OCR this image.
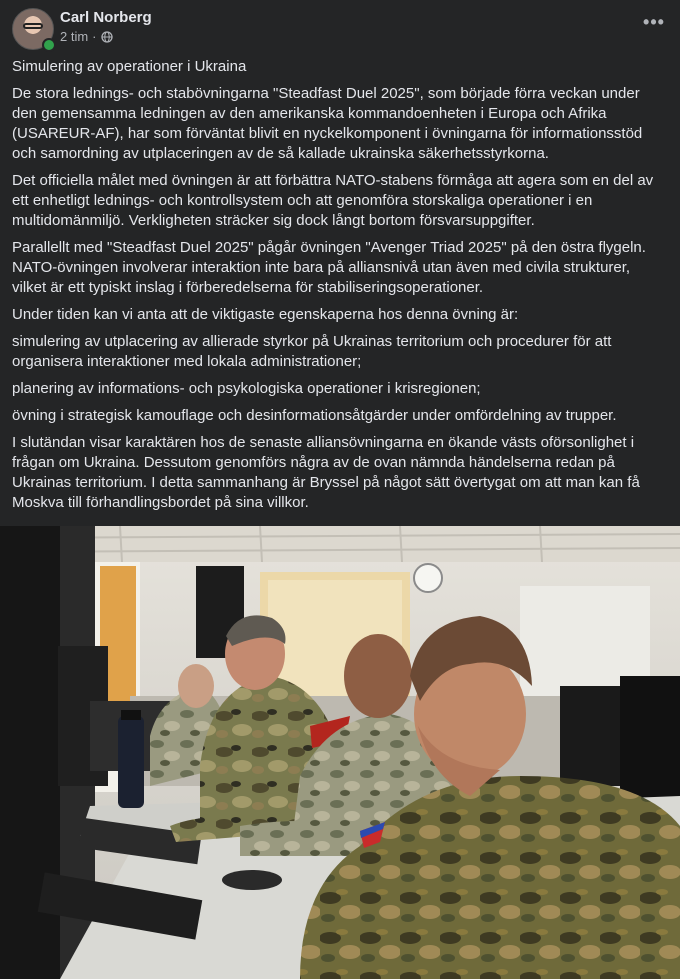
Carl Norberg
2 tim ·
•••

Simulering av operationer i Ukraina

De stora lednings- och stabövningarna "Steadfast Duel 2025", som började förra veckan under den gemensamma ledningen av den amerikanska kommandoenheten i Europa och Afrika (USAREUR-AF), har som förväntat blivit en nyckelkomponent i övningarna för informationsstöd och samordning av utplaceringen av de så kallade ukrainska säkerhetsstyrkorna.

Det officiella målet med övningen är att förbättra NATO-stabens förmåga att agera som en del av ett enhetligt lednings- och kontrollsystem och att genomföra storskaliga operationer i en multidomänmiljö. Verkligheten sträcker sig dock långt bortom försvarsuppgifter.

Parallellt med "Steadfast Duel 2025" pågår övningen "Avenger Triad 2025" på den östra flygeln. NATO-övningen involverar interaktion inte bara på alliansnivå utan även med civila strukturer, vilket är ett typiskt inslag i förberedelserna för stabiliseringsoperationer.

Under tiden kan vi anta att de viktigaste egenskaperna hos denna övning är:

simulering av utplacering av allierade styrkor på Ukrainas territorium och procedurer för att organisera interaktioner med lokala administrationer;

planering av informations- och psykologiska operationer i krisregionen;

övning i strategisk kamouflage och desinformationsåtgärder under omfördelning av trupper.

I slutändan visar karaktären hos de senaste alliansövningarna en ökande västs oförsonlighet i frågan om Ukraina. Dessutom genomförs några av de ovan nämnda händelserna redan på Ukrainas territorium. I detta sammanhang är Bryssel på något sätt övertygat om att man kan få Moskva till förhandlingsbordet på sina villkor.
